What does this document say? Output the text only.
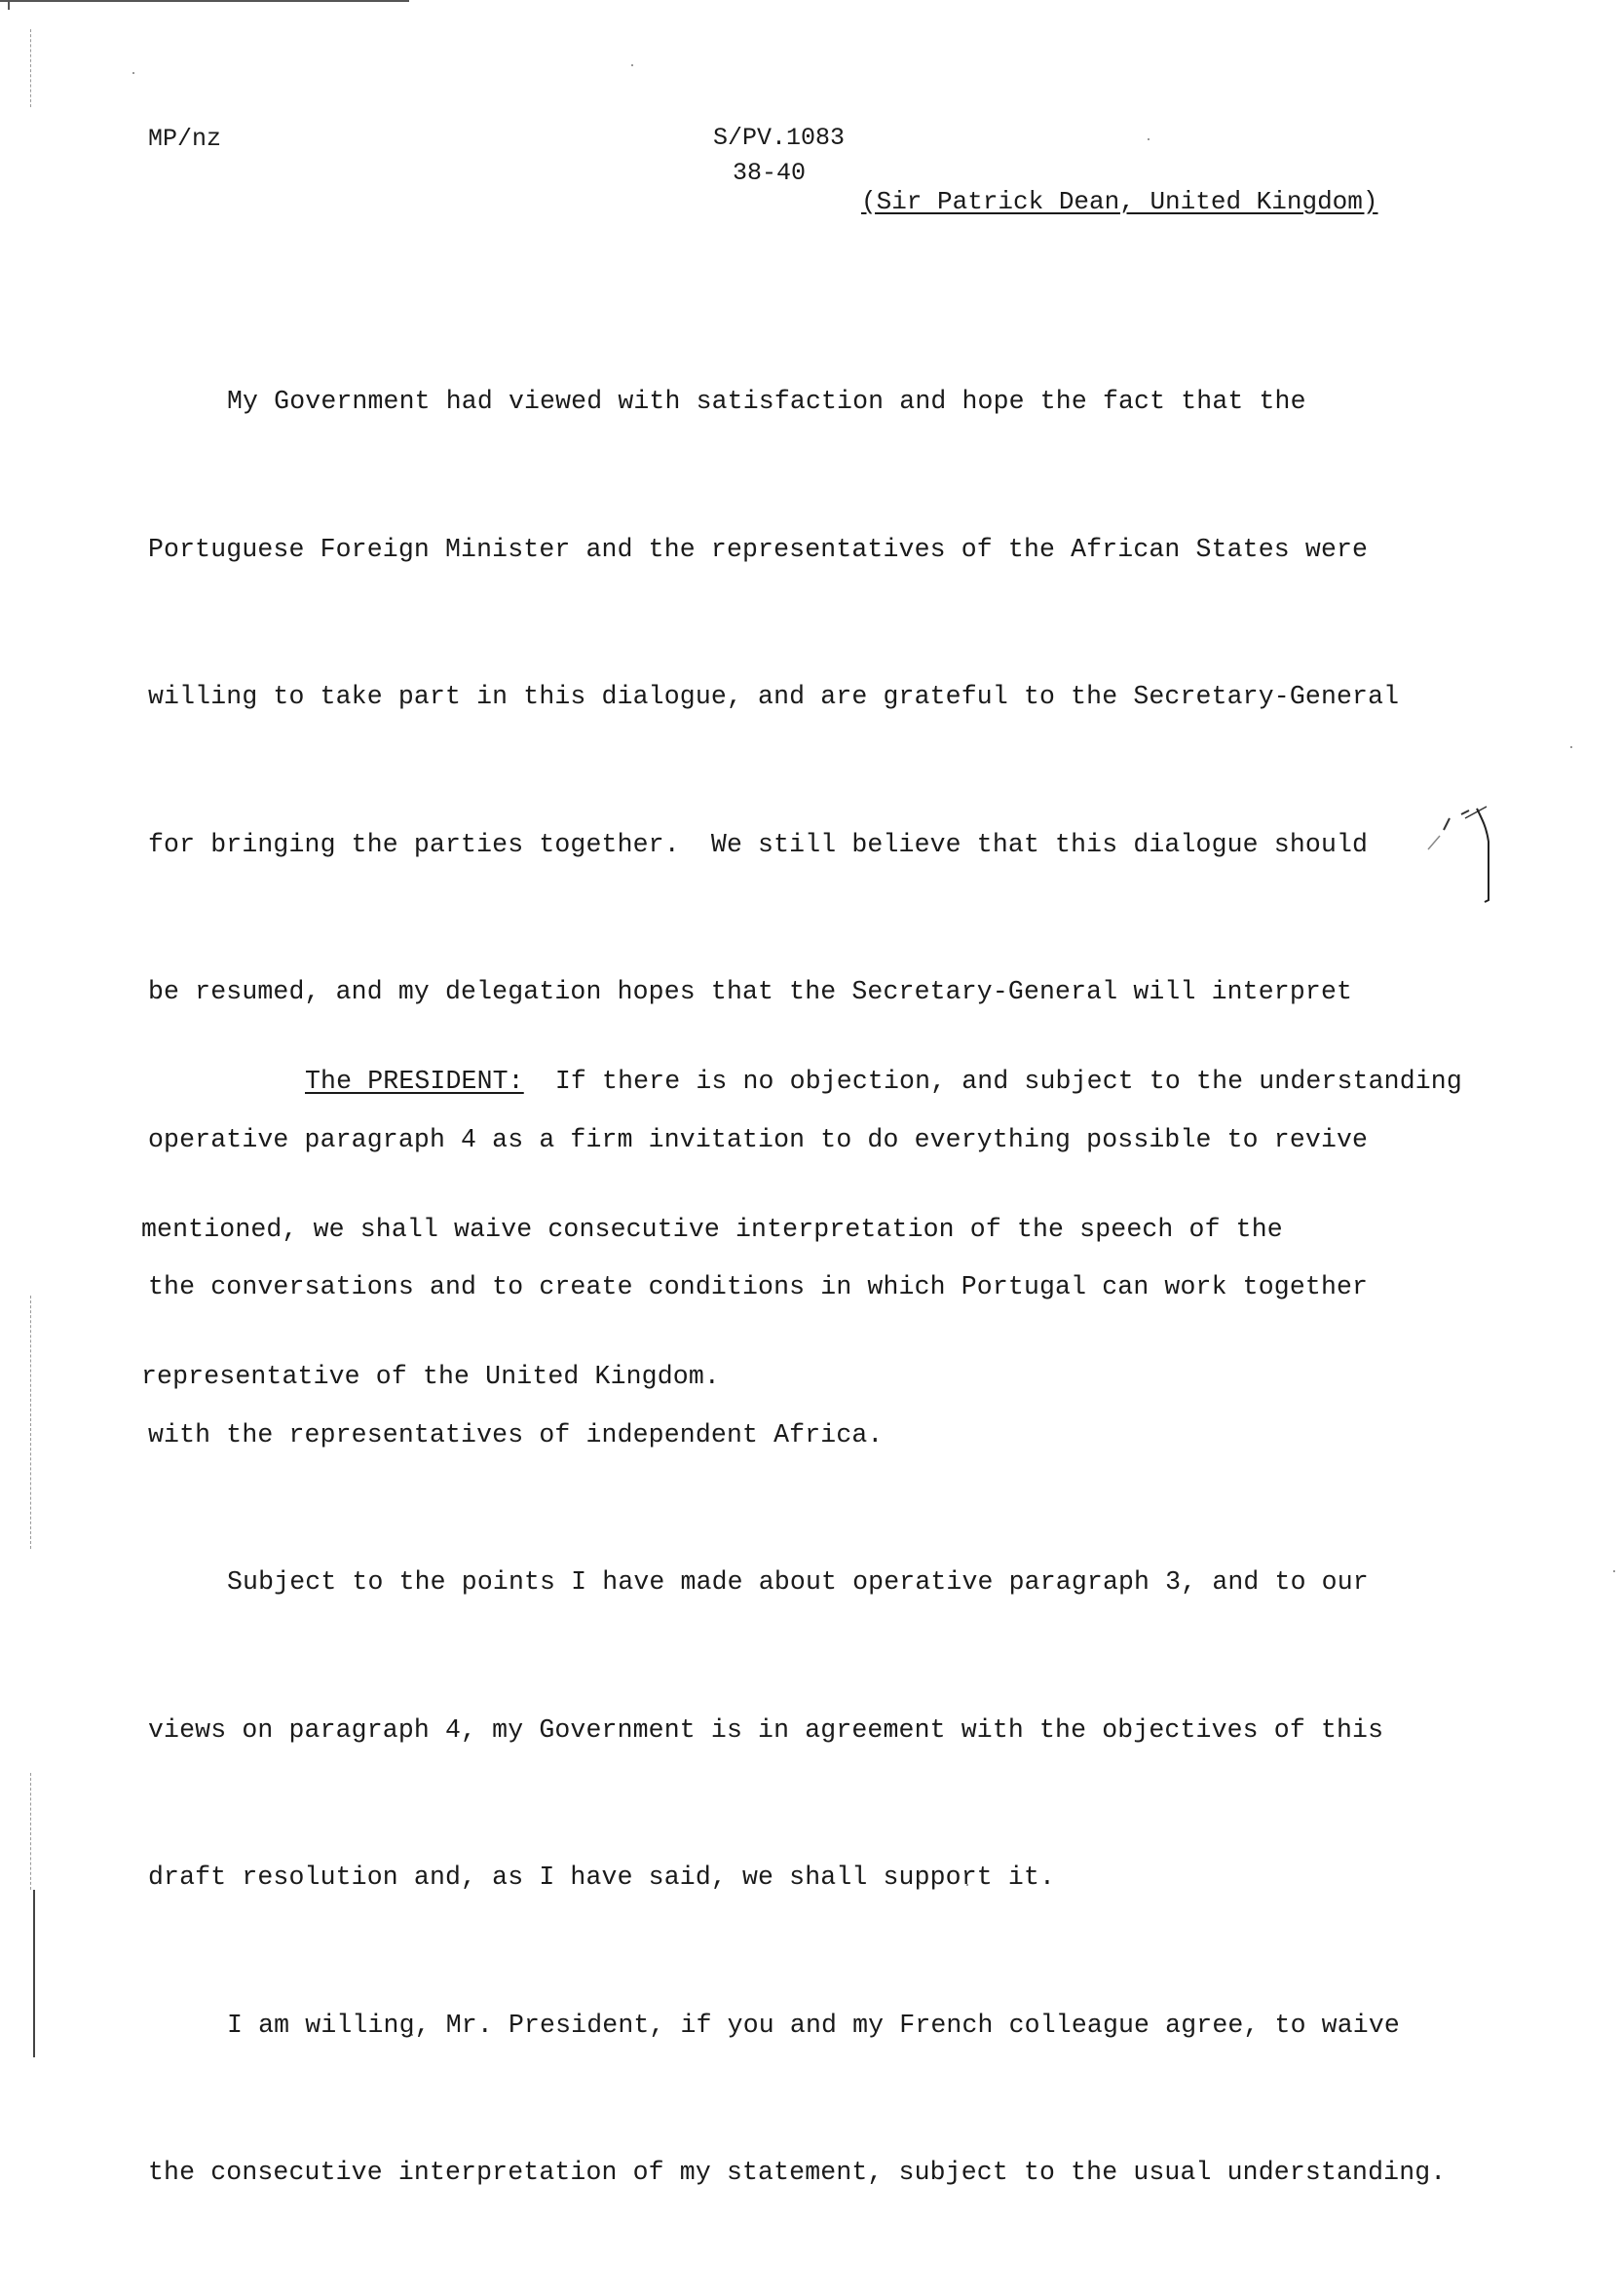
MP/nz	S/PV.1083
38-40
(Sir Patrick Dean, United Kingdom)

My Government had viewed with satisfaction and hope the fact that the

Portuguese Foreign Minister and the representatives of the African States were

willing to take part in this dialogue, and are grateful to the Secretary-General

for bringing the parties together.  We still believe that this dialogue should

be resumed, and my delegation hopes that the Secretary-General will interpret

operative paragraph 4 as a firm invitation to do everything possible to revive

the conversations and to create conditions in which Portugal can work together

with the representatives of independent Africa.

Subject to the points I have made about operative paragraph 3, and to our

views on paragraph 4, my Government is in agreement with the objectives of this

draft resolution and, as I have said, we shall support it.

I am willing, Mr. President, if you and my French colleague agree, to waive

the consecutive interpretation of my statement, subject to the usual understanding.

The PRESIDENT:  If there is no objection, and subject to the understanding

mentioned, we shall waive consecutive interpretation of the speech of the

representative of the United Kingdom.
